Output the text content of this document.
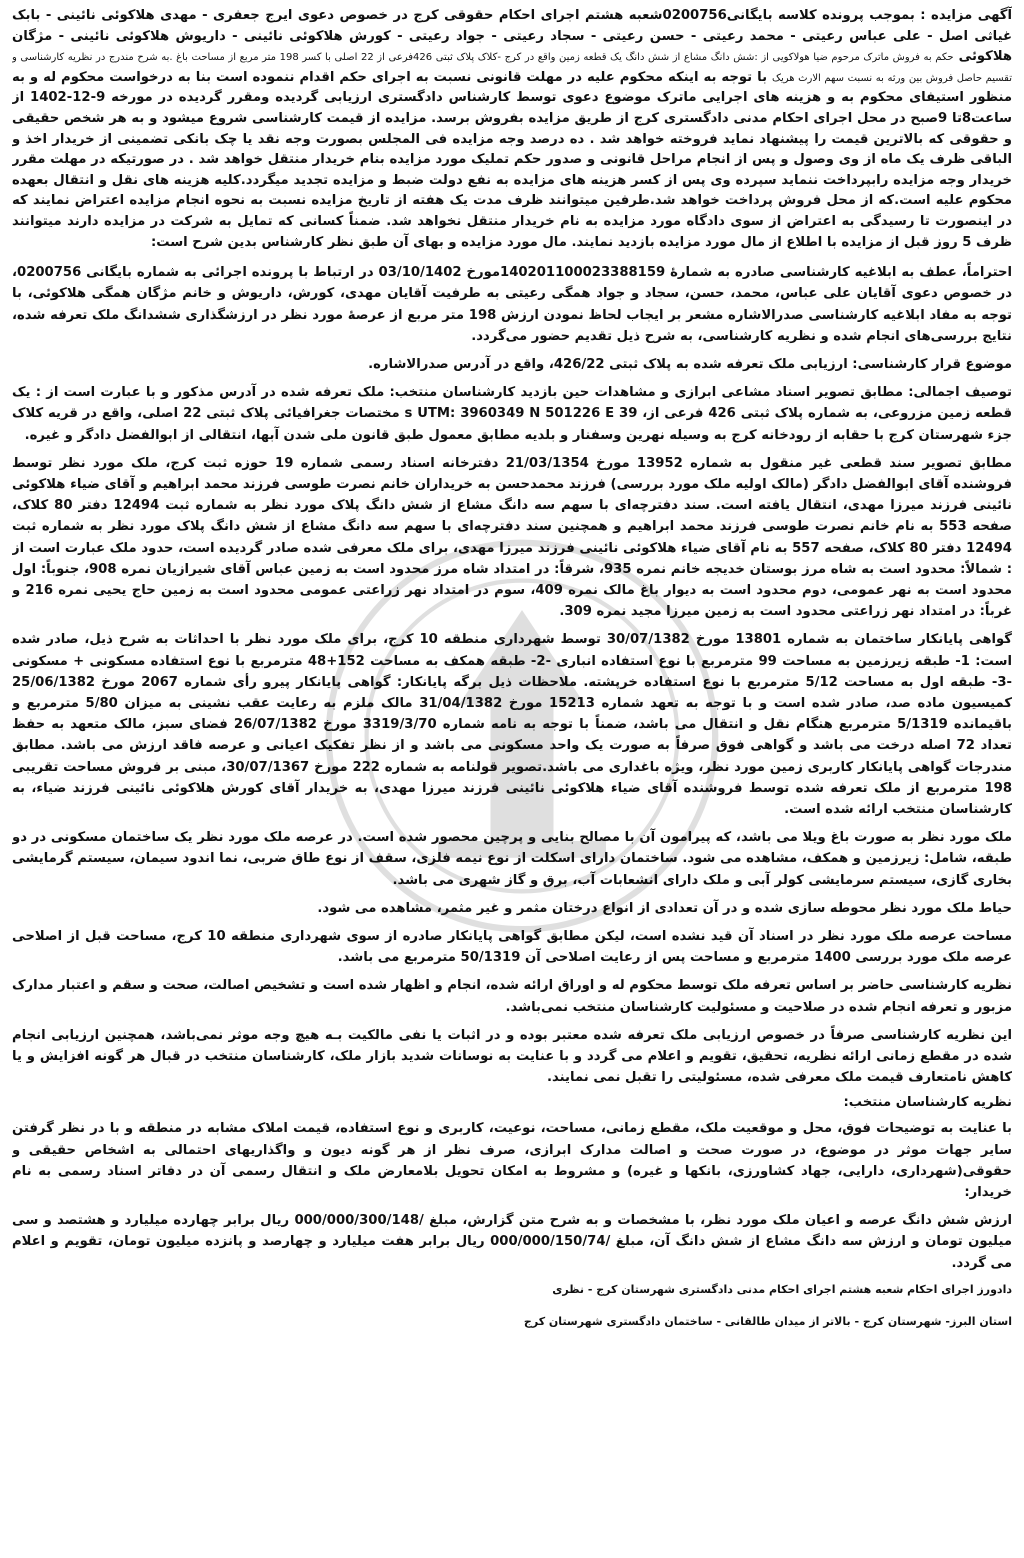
آگهی مزایده : بموجب پرونده کلاسه بایگانی0200756شعبه هشتم اجرای احکام حقوقی کرج در خصوص دعوی ایرج جعفری - مهدی هلاکوئی نائینی - بابک غیاثی اصل - علی عباس رعیتی - محمد رعیتی - حسن رعیتی - سجاد رعیتی - جواد رعیتی - کورش هلاکوئی نائینی - داریوش هلاکوئی نائینی - مژگان هلاکوئی حکم به فروش ماترک مرحوم ضیا هولاکویی از :شش دانگ مشاع از شش دانگ یک قطعه زمین واقع در کرج -کلاک پلاک ثبتی 426فرعی از 22 اصلی با کسر 198 متر مربع از مساحت باغ .به شرح مندرج در نظریه کارشناسی و تقسیم حاصل فروش بین ورثه به نسبت سهم الارث هریک با توجه به اینکه محکوم علیه در مهلت قانونی نسبت به اجرای حکم اقدام ننموده است بنا به درخواست محکوم له و به منظور استیفای محکوم به و هزینه های اجرایی ماترک موضوع دعوی توسط کارشناس دادگستری ارزیابی گردیده ومقرر گردیده در مورخه 9-12-1402 از ساعت8تا 9صبح در محل اجرای احکام مدنی دادگستری کرج از طریق مزایده بفروش برسد. مزایده از قیمت کارشناسی شروع میشود و به هر شخص حقیقی و حقوقی که بالاترین قیمت را پیشنهاد نماید فروخته خواهد شد . ده درصد وجه مزایده فی المجلس بصورت وجه نقد یا چک بانکی تضمینی از خریدار اخذ و الباقی ظرف یک ماه از وی وصول و پس از انجام مراحل قانونی و صدور حکم تملیک مورد مزایده بنام خریدار منتقل خواهد شد . در صورتیکه در مهلت مقرر خریدار وجه مزایده رابپرداخت ننماید سپرده وی پس از کسر هزینه های مزایده به نفع دولت ضبط و مزایده تجدید میگردد.کلیه هزینه های نقل و انتقال بعهده محکوم علیه است.که از محل فروش پرداخت خواهد شد.طرفین میتوانند ظرف مدت یک هفته از تاریخ مزایده نسبت به نحوه انجام مزایده اعتراض نمایند که در اینصورت تا رسیدگی به اعتراض از سوی دادگاه مورد مزایده به نام خریدار منتقل نخواهد شد. ضمناً کسانی که تمایل به شرکت در مزایده دارند میتوانند ظرف 5 روز قبل از مزایده با اطلاع از مال مورد مزایده بازدید نمایند. مال مورد مزایده و بهای آن طبق نظر کارشناس بدین شرح است:

احتراماً، عطف به ابلاغیه کارشناسی صادره به شمارهٔ 140201100023388159مورخ 03/10/1402 در ارتباط با پرونده اجرائی به شماره بایگانی 0200756، در خصوص دعوی آقایان علی عباس، محمد، حسن، سجاد و جواد همگی رعیتی به طرفیت آقایان مهدی، کورش، داریوش و خانم مژگان همگی هلاکوئی، با توجه به مفاد ابلاغیه کارشناسی صدرالاشاره مشعر بر ایجاب لحاظ نمودن ارزش 198 متر مربع از عرصهٔ مورد نظر در ارزشگذاری ششدانگ ملک تعرفه شده، نتایج بررسی‌های انجام شده و نظریه کارشناسی، به شرح ذیل تقدیم حضور می‌گردد.

موضوع قرار کارشناسی: ارزیابی ملک تعرفه شده به پلاک ثبتی 426/22، واقع در آدرس صدرالاشاره.

توصیف اجمالی: مطابق تصویر اسناد مشاعی ابرازی و مشاهدات حین بازدید کارشناسان منتخب: ملک تعرفه شده در آدرس مذکور و با عبارت است از : یک قطعه زمین مزروعی، به شماره پلاک ثبتی 426 فرعی از، 39 s UTM: 3960349 N 501226 E مختصات جغرافیائی پلاک ثبتی 22 اصلی، واقع در قریه کلاک جزء شهرستان کرج با حقابه از رودخانه کرج به وسیله نهرین وسفنار و بلدیه مطابق معمول طبق قانون ملی شدن آبها، انتقالی از ابوالفضل دادگر و غیره.

مطابق تصویر سند قطعی غیر منقول به شماره 13952 مورخ 21/03/1354 دفترخانه اسناد رسمی شماره 19 حوزه ثبت کرج، ملک مورد نظر توسط فروشنده آقای ابوالفضل دادگر (مالک اولیه ملک مورد بررسی) فرزند محمدحسن به خریداران خانم نصرت طوسی فرزند محمد ابراهیم و آقای ضیاء هلاکوئی نائینی فرزند میرزا مهدی، انتقال یافته است. سند دفترچه‌ای با سهم سه دانگ مشاع از شش دانگ پلاک مورد نظر به شماره ثبت 12494 دفتر 80 کلاک، صفحه 553 به نام خانم نصرت طوسی فرزند محمد ابراهیم و همچنین سند دفترچه‌ای با سهم سه دانگ مشاع از شش دانگ پلاک مورد نظر به شماره ثبت 12494 دفتر 80 کلاک، صفحه 557 به نام آقای ضیاء هلاکوئی نائینی فرزند میرزا مهدی، برای ملک معرفی شده صادر گردیده است، حدود ملک عبارت است از : شمالاً: محدود است به شاه مرز بوستان خدیجه خانم نمره 935، شرقاً: در امتداد شاه مرز محدود است به زمین عباس آقای شیرازیان نمره 908، جنوباً: اول محدود است به نهر عمومی، دوم محدود است به دیوار باغ مالک نمره 409، سوم در امتداد نهر زراعتی عمومی محدود است به زمین حاج یحیی نمره 216 و غرباً: در امتداد نهر زراعتی محدود است به زمین میرزا مجید نمره 309.

گواهی پایانکار ساختمان به شماره 13801 مورخ 30/07/1382 توسط شهرداری منطقه 10 کرج، برای ملک مورد نظر با احداثات به شرح ذیل، صادر شده است: 1- طبقه زیرزمین به مساحت 99 مترمربع با نوع استفاده انباری -2- طبقه همکف به مساحت 152+48 مترمربع با نوع استفاده مسکونی + مسکونی -3- طبقه اول به مساحت 5/12 مترمربع با نوع استفاده خرپشته. ملاحظات ذیل برگه پایانکار: گواهی پایانکار پیرو رأی شماره 2067 مورخ 25/06/1382 کمیسیون ماده صد، صادر شده است و با توجه به تعهد شماره 15213 مورخ 31/04/1382 مالک ملزم به رعایت عقب نشینی به میزان 5/80 مترمربع و باقیمانده 5/1319 مترمربع هنگام نقل و انتقال می باشد، ضمناً با توجه به نامه شماره 3319/3/70 مورخ 26/07/1382 فضای سبز، مالک متعهد به حفظ تعداد 72 اصله درخت می باشد و گواهی فوق صرفاً به صورت یک واحد مسکونی می باشد و از نظر تفکیک اعیانی و عرصه فاقد ارزش می باشد. مطابق مندرجات گواهی پایانکار کاربری زمین مورد نظر، ویژه باغداری می باشد.تصویر قولنامه به شماره 222 مورخ 30/07/1367، مبنی بر فروش مساحت تقریبی 198 مترمربع از ملک تعرفه شده توسط فروشنده آقای ضیاء هلاکوئی نائینی فرزند میرزا مهدی، به خریدار آقای کورش هلاکوئی نائینی فرزند ضیاء، به کارشناسان منتخب ارائه شده است.

ملک مورد نظر به صورت باغ ویلا می باشد، که پیرامون آن با مصالح بنایی و پرچین محصور شده است. در عرصه ملک مورد نظر یک ساختمان مسکونی در دو طبقه، شامل: زیرزمین و همکف، مشاهده می شود. ساختمان دارای اسکلت از نوع نیمه فلزی، سقف از نوع طاق ضربی، نما اندود سیمان، سیستم گرمایشی بخاری گازی، سیستم سرمایشی کولر آبی و ملک دارای انشعابات آب، برق و گاز شهری می باشد.

حیاط ملک مورد نظر محوطه سازی شده و در آن تعدادی از انواع درختان مثمر و غیر مثمر، مشاهده می شود.

مساحت عرصه ملک مورد نظر در اسناد آن قید نشده است، لیکن مطابق گواهی پایانکار صادره از سوی شهرداری منطقه 10 کرج، مساحت قبل از اصلاحی عرصه ملک مورد بررسی 1400 مترمربع و مساحت پس از رعایت اصلاحی آن 50/1319 مترمربع می باشد.

نظریه کارشناسی حاضر بر اساس تعرفه ملک توسط محکوم له و اوراق ارائه شده، انجام و اظهار شده است و تشخیص اصالت، صحت و سقم و اعتبار مدارک مزبور و تعرفه انجام شده در صلاحیت و مسئولیت کارشناسان منتخب نمی‌باشد.

این نظریه کارشناسی صرفاً در خصوص ارزیابی ملک تعرفه شده معتبر بوده و در اثبات یا نفی مالکیت بـه هیچ وجه موثر نمی‌باشد، همچنین ارزیابی انجام شده در مقطع زمانی ارائه نظریه، تحقیق، تقویم و اعلام می گردد و با عنایت به نوسانات شدید بازار ملک، کارشناسان منتخب در قبال هر گونه افزایش و یا کاهش نامتعارف قیمت ملک معرفی شده، مسئولیتی را تقبل نمی نمایند.

نظریه کارشناسان منتخب:

با عنایت به توضیحات فوق، محل و موقعیت ملک، مقطع زمانی، مساحت، نوعیت، کاربری و نوع استفاده، قیمت املاک مشابه در منطقه و با در نظر گرفتن سایر جهات موثر در موضوع، در صورت صحت و اصالت مدارک ابرازی، صرف نظر از هر گونه دیون و واگذاریهای احتمالی به اشخاص حقیقی و حقوقی(شهرداری، دارایی، جهاد کشاورزی، بانکها و غیره) و مشروط به امکان تحویل بلامعارض ملک و انتقال رسمی آن در دفاتر اسناد رسمی به نام خریدار:

ارزش شش دانگ عرصه و اعیان ملک مورد نظر، با مشخصات و به شرح متن گزارش، مبلغ /000/000/300/148 ریال برابر چهارده میلیارد و هشتصد و سی میلیون تومان و ارزش سه دانگ مشاع از شش دانگ آن، مبلغ /000/000/150/74 ریال برابر هفت میلیارد و چهارصد و پانزده میلیون تومان، تقویم و اعلام می گردد.

دادورز اجرای احکام شعبه هشتم اجرای احکام مدنی دادگستری شهرستان کرج - نظری

استان البرز- شهرستان کرج - بالاتر از میدان طالقانی - ساختمان دادگستری شهرستان کرج
